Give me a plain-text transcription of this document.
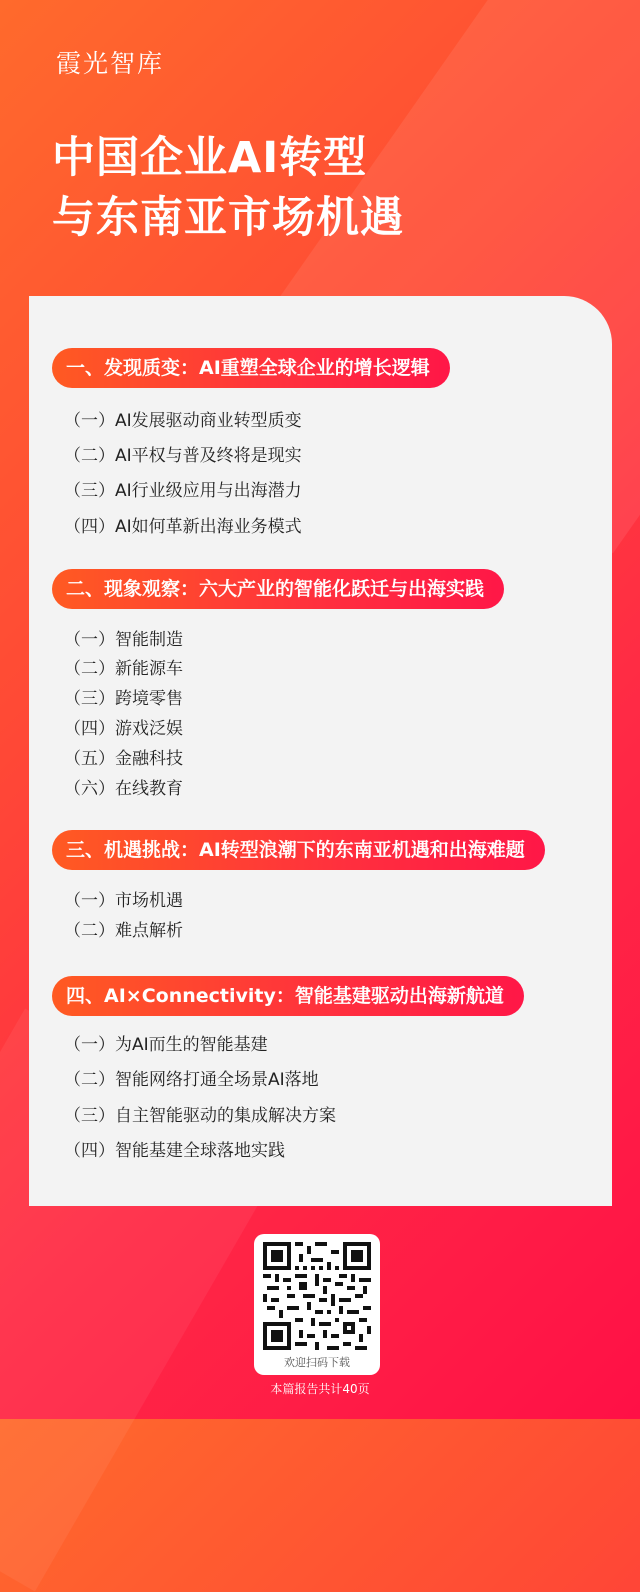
霞光智库
中国企业AI转型
与东南亚市场机遇
一、发现质变：AI重塑全球企业的增长逻辑
（一）AI发展驱动商业转型质变
（二）AI平权与普及终将是现实
（三）AI行业级应用与出海潜力
（四）AI如何革新出海业务模式
二、现象观察：六大产业的智能化跃迁与出海实践
（一）智能制造
（二）新能源车
（三）跨境零售
（四）游戏泛娱
（五）金融科技
（六）在线教育
三、机遇挑战：AI转型浪潮下的东南亚机遇和出海难题
（一）市场机遇
（二）难点解析
四、AI×Connectivity：智能基建驱动出海新航道
（一）为AI而生的智能基建
（二）智能网络打通全场景AI落地
（三）自主智能驱动的集成解决方案
（四）智能基建全球落地实践
欢迎扫码下载
本篇报告共计40页
